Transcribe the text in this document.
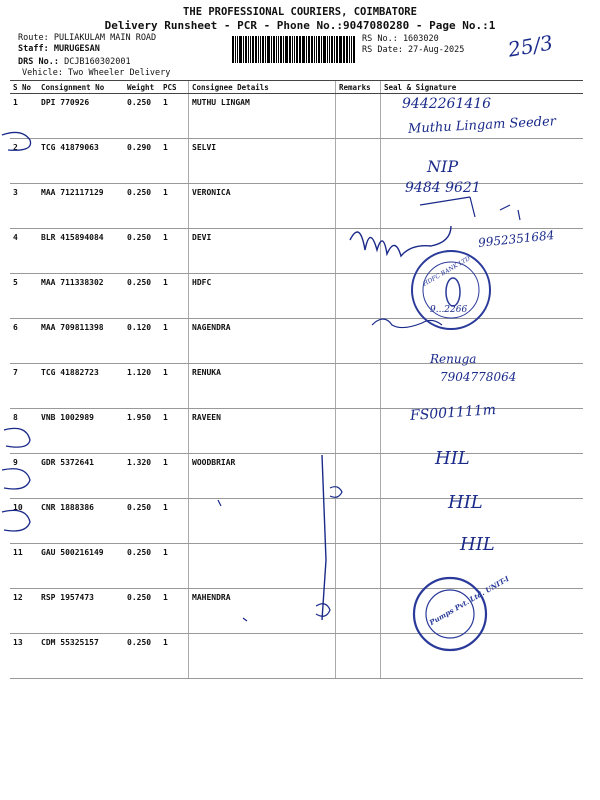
THE PROFESSIONAL COURIERS, COIMBATORE
Delivery Runsheet - PCR - Phone No.:9047080280 - Page No.:1
Route: PULIAKULAM MAIN ROAD
Staff: MURUGESAN
DRS No.: DCJB160302001
Vehicle: Two Wheeler Delivery
RS No.: 1603020
RS Date: 27-Aug-2025 25/3
S No	Consignment No	Weight	PCS	Consignee Details	Remarks	Seal & Signature
1	DPI 770926	0.250	1	MUTHU LINGAM		
2	TCG 41879063	0.290	1	SELVI		
3	MAA 712117129	0.250	1	VERONICA		
4	BLR 415894084	0.250	1	DEVI		
5	MAA 711338302	0.250	1	HDFC		
6	MAA 709811398	0.120	1	NAGENDRA		
7	TCG 41882723	1.120	1	RENUKA		
8	VNB 1002989	1.950	1	RAVEEN		
9	GDR 5372641	1.320	1	WOODBRIAR		
10	CNR 1888386	0.250	1			
11	GAU 500216149	0.250	1			
12	RSP 1957473	0.250	1	MAHENDRA		
13	CDM 55325157	0.250	1			
9442261416
Muthu Lingam Seeder
NIP
9484 9621
9952351684
9...2266
Renuga
7904778064
FS001111m
HIL
HIL
HIL
HDFC BANK LTD
Pumps Pvt. Ltd. UNIT-I
